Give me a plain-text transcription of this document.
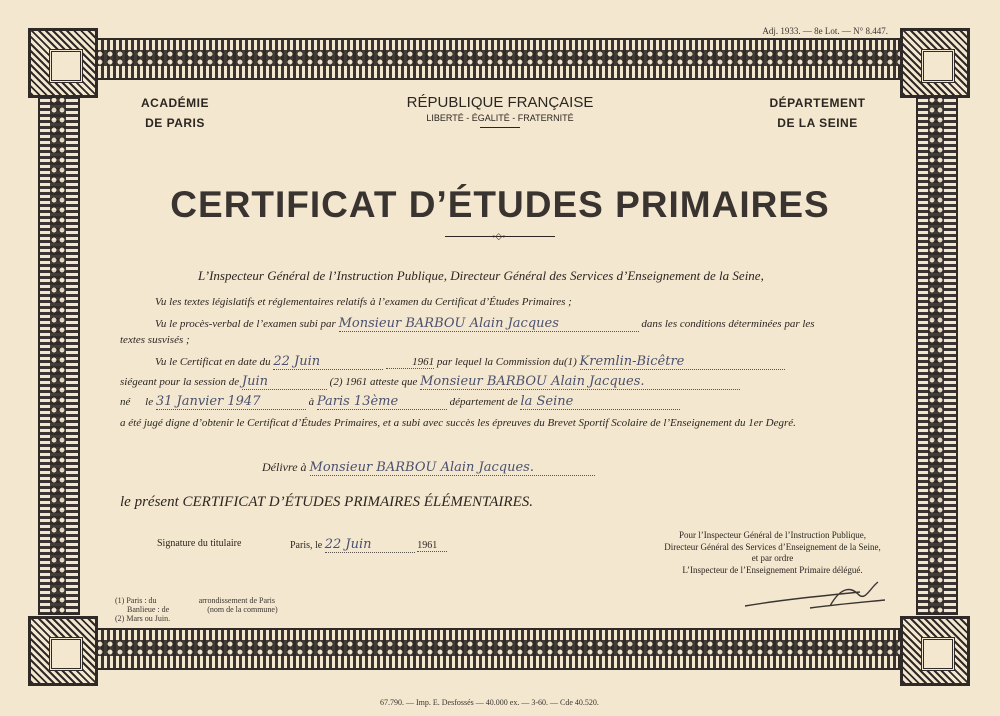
Adj. 1933. — 8e Lot. — N° 8.447.
ACADÉMIE
DE PARIS
RÉPUBLIQUE FRANÇAISE
LIBERTÉ - ÉGALITÉ - FRATERNITÉ
DÉPARTEMENT
DE LA SEINE
CERTIFICAT D’ÉTUDES PRIMAIRES
◦◇◦
L’Inspecteur Général de l’Instruction Publique, Directeur Général des Services d’Enseignement de la Seine,
Vu les textes législatifs et réglementaires relatifs à l’examen du Certificat d’Études Primaires ;
Vu le procès-verbal de l’examen subi par Monsieur BARBOU Alain Jacques	dans les conditions déterminées par les
textes susvisés ;
Vu le Certificat en date du 22 Juin	1961 par lequel la Commission du(1) Kremlin-Bicêtre
siégeant pour la session de Juin	(2) 1961 atteste que Monsieur BARBOU Alain Jacques.
né le 31 Janvier 1947	à Paris 13ème	département de la Seine
a été jugé digne d’obtenir le Certificat d’Études Primaires, et a subi avec succès les épreuves du Brevet Sportif Scolaire de l’Enseignement du 1er Degré.
Délivre à Monsieur BARBOU Alain Jacques.
le présent CERTIFICAT D’ÉTUDES PRIMAIRES ÉLÉMENTAIRES.
Signature du titulaire	Paris, le 22 Juin	1961
Pour l’Inspecteur Général de l’Instruction Publique,
Directeur Général des Services d’Enseignement de la Seine,
et par ordre
L’Inspecteur de l’Enseignement Primaire délégué.
(1) Paris : du	arrondissement de Paris
Banlieue : de	(nom de la commune)
(2) Mars ou Juin.
67.790. — Imp. E. Desfossés — 40.000 ex. — 3-60. — Cde 40.520.
